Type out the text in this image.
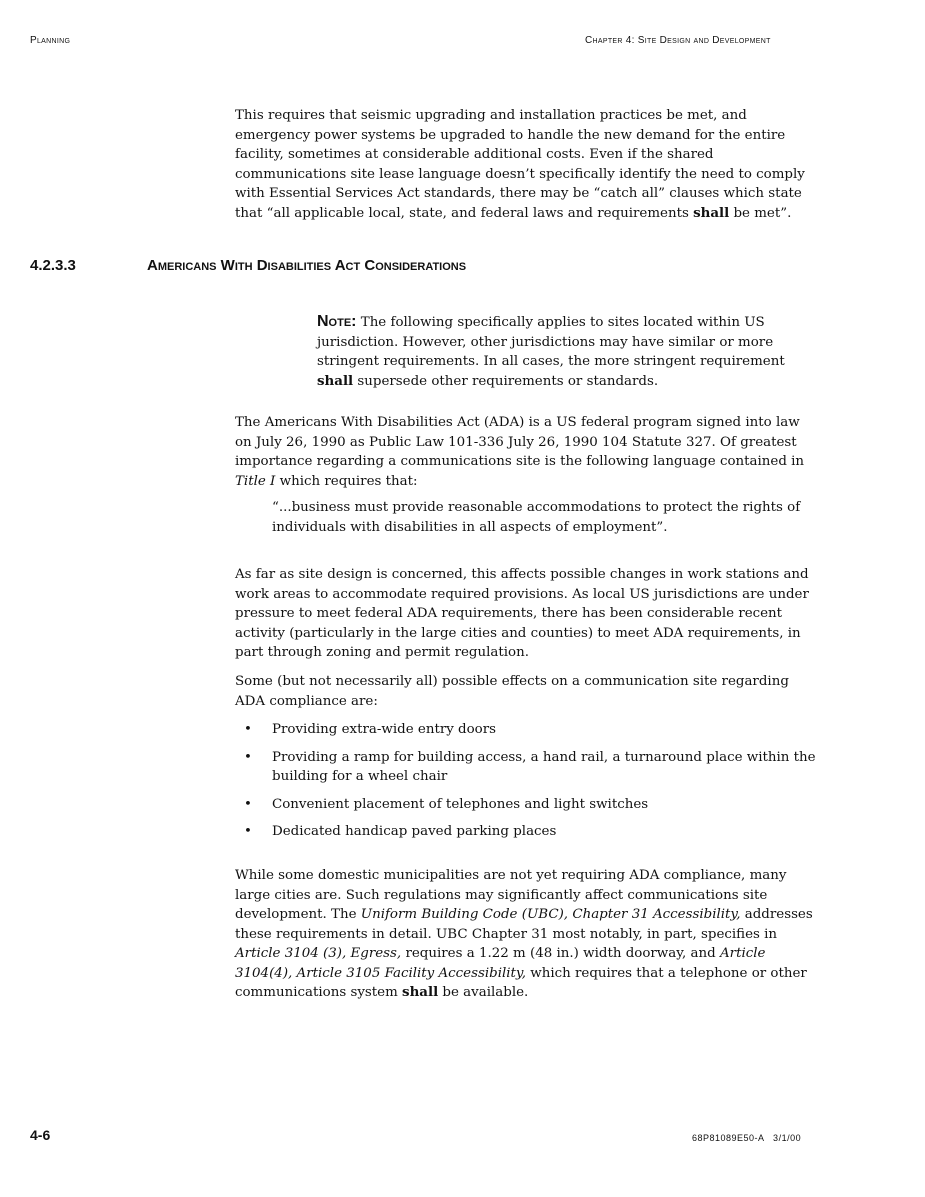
Planning	Chapter 4: Site Design and Development

This requires that seismic upgrading and installation practices be met, and emergency power systems be upgraded to handle the new demand for the entire facility, sometimes at considerable additional costs. Even if the shared communications site lease language doesn’t specifically identify the need to comply with Essential Services Act standards, there may be “catch all” clauses which state that “all applicable local, state, and federal laws and requirements shall be met”.

4.2.3.3	Americans With Disabilities Act Considerations

Note: The following specifically applies to sites located within US jurisdiction. However, other jurisdictions may have similar or more stringent requirements. In all cases, the more stringent requirement shall supersede other requirements or standards.

The Americans With Disabilities Act (ADA) is a US federal program signed into law on July 26, 1990 as Public Law 101-336 July 26, 1990 104 Statute 327. Of greatest importance regarding a communications site is the following language contained in Title I which requires that:

“...business must provide reasonable accommodations to protect the rights of individuals with disabilities in all aspects of employment”.

As far as site design is concerned, this affects possible changes in work stations and work areas to accommodate required provisions. As local US jurisdictions are under pressure to meet federal ADA requirements, there has been considerable recent activity (particularly in the large cities and counties) to meet ADA requirements, in part through zoning and permit regulation.

Some (but not necessarily all) possible effects on a communication site regarding ADA compliance are:

• Providing extra-wide entry doors
• Providing a ramp for building access, a hand rail, a turnaround place within the building for a wheel chair
• Convenient placement of telephones and light switches
• Dedicated handicap paved parking places

While some domestic municipalities are not yet requiring ADA compliance, many large cities are. Such regulations may significantly affect communications site development. The Uniform Building Code (UBC), Chapter 31 Accessibility, addresses these requirements in detail. UBC Chapter 31 most notably, in part, specifies in Article 3104 (3), Egress, requires a 1.22 m (48 in.) width doorway, and Article 3104(4), Article 3105 Facility Accessibility, which requires that a telephone or other communications system shall be available.

4-6	68P81089E50-A   3/1/00
